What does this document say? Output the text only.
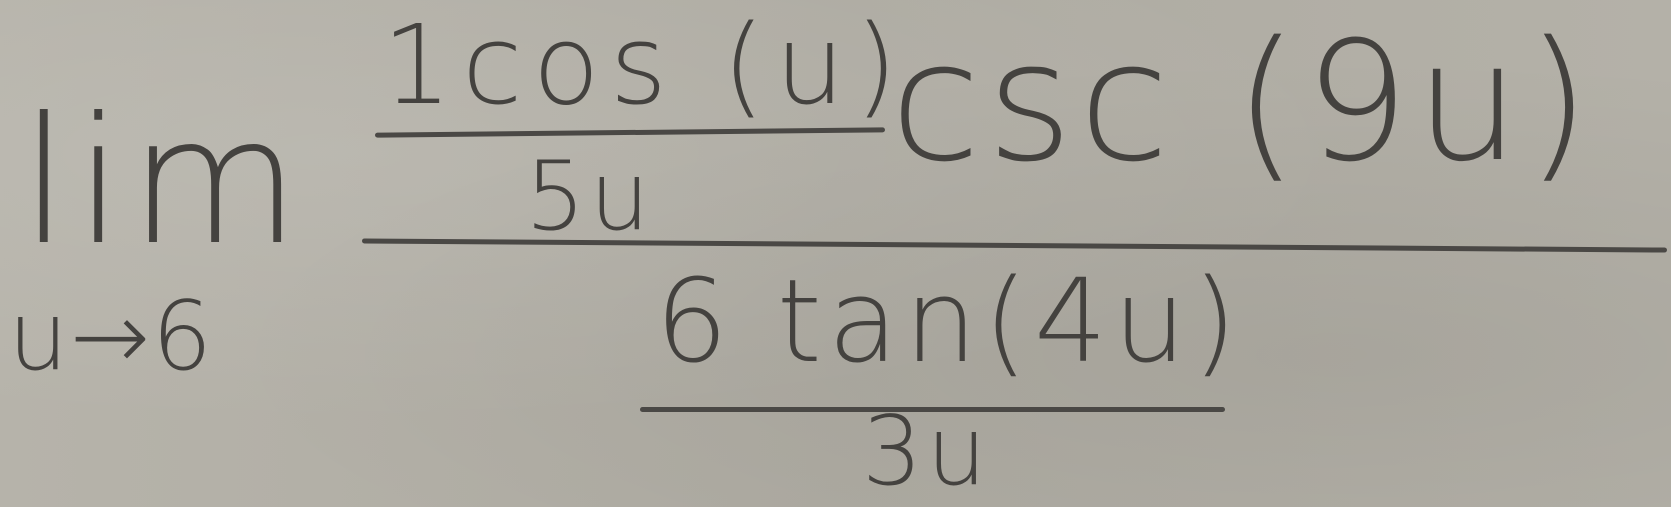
lim
u→6
1cos (u)
5u csc (9u)
6 tan(4u)
3u
